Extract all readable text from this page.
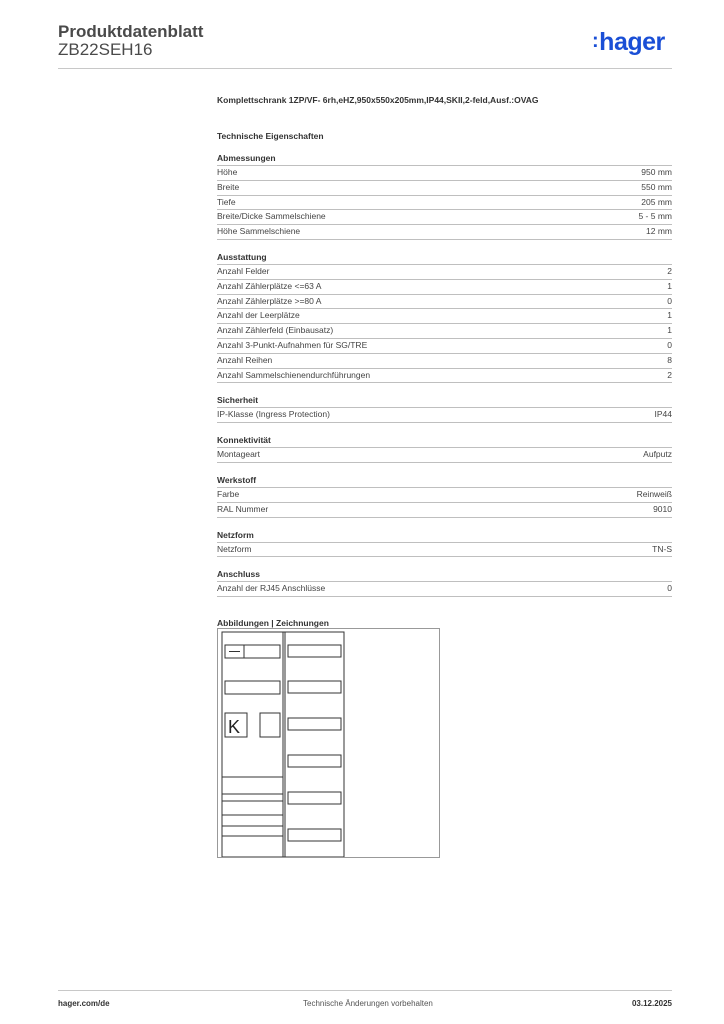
Produktdatenblatt
ZB22SEH16	:hager
Komplettschrank 1ZP/VF- 6rh,eHZ,950x550x205mm,IP44,SKII,2-feld,Ausf.:OVAG
Technische Eigenschaften
Abmessungen
Höhe	950 mm
Breite	550 mm
Tiefe	205 mm
Breite/Dicke Sammelschiene	5 - 5 mm
Höhe Sammelschiene	12 mm
Ausstattung
Anzahl Felder	2
Anzahl Zählerplätze <=63 A	1
Anzahl Zählerplätze >=80 A	0
Anzahl der Leerplätze	1
Anzahl Zählerfeld (Einbausatz)	1
Anzahl 3-Punkt-Aufnahmen für SG/TRE	0
Anzahl Reihen	8
Anzahl Sammelschienendurchführungen	2
Sicherheit
IP-Klasse (Ingress Protection)	IP44
Konnektivität
Montageart	Aufputz
Werkstoff
Farbe	Reinweiß
RAL Nummer	9010
Netzform
Netzform	TN-S
Anschluss
Anzahl der RJ45 Anschlüsse	0
Abbildungen | Zeichnungen
K
hager.com/de	Technische Änderungen vorbehalten	03.12.2025
